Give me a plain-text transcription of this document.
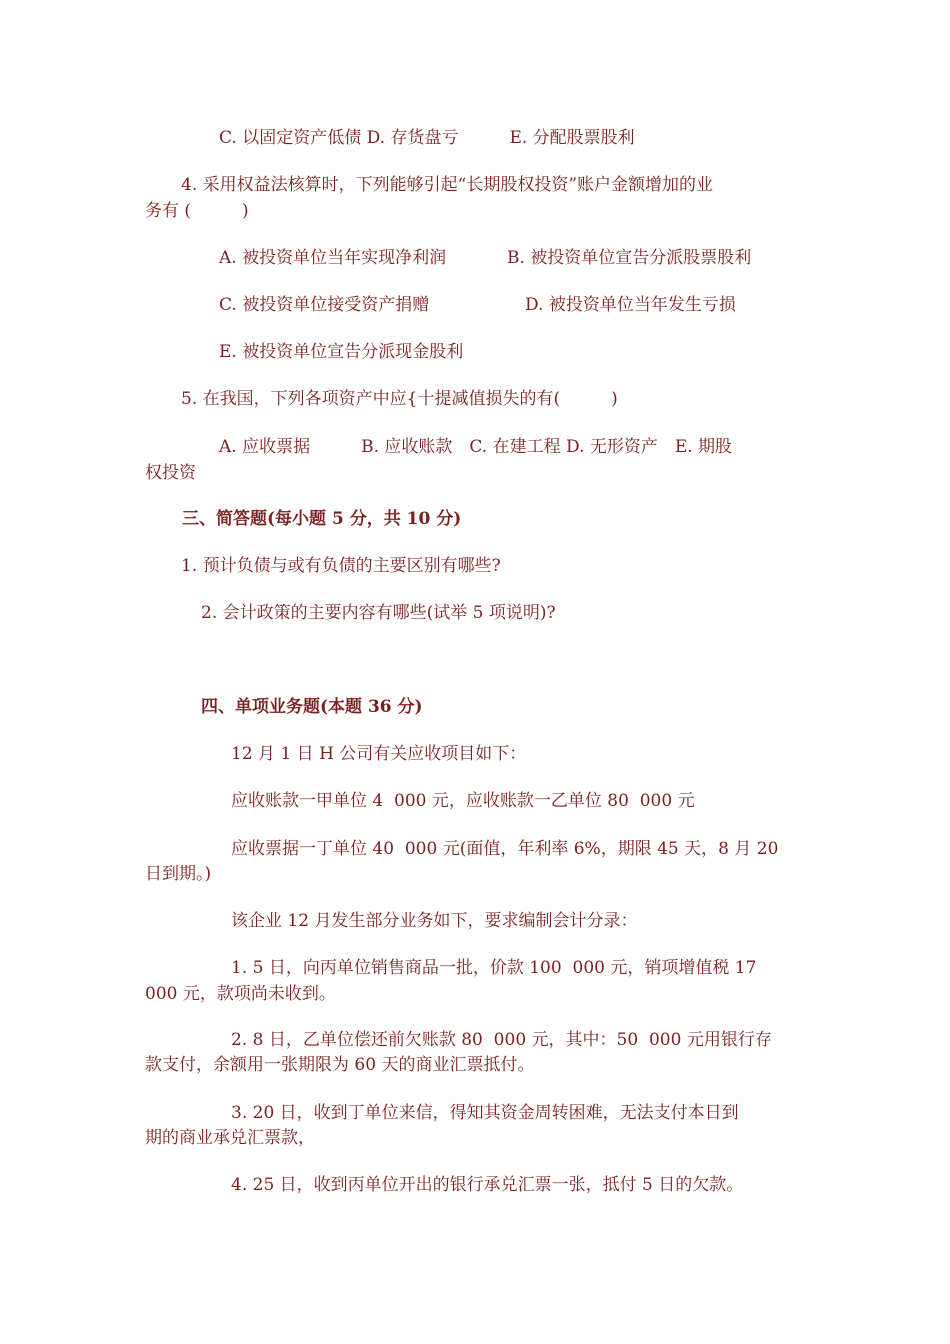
C. 以固定资产低债 D. 存货盘亏　　　E. 分配股票股利
4. 采用权益法核算时，下列能够引起“长期股权投资”账户金额增加的业
务有 (　　　)
A. 被投资单位当年实现净利润	B. 被投资单位宣告分派股票股利
C. 被投资单位接受资产捐赠	D. 被投资单位当年发生亏损
E. 被投资单位宣告分派现金股利
5. 在我国，下列各项资产中应{十提减值损失的有(　　　)
A. 应收票据　　　B. 应收账款　C. 在建工程 D. 无形资产　E. 期股
权投资
三、简答题(每小题 5 分，共 10 分)
1. 预计负债与或有负债的主要区别有哪些?
2. 会计政策的主要内容有哪些(试举 5 项说明)?
四、单项业务题(本题 36 分)
12 月 1 日 H 公司有关应收项目如下：
应收账款一甲单位 4  000 元，应收账款一乙单位 80  000 元
应收票据一丁单位 40  000 元(面值，年利率 6%，期限 45 天，8 月 20
日到期。)
该企业 12 月发生部分业务如下，要求编制会计分录：
1. 5 日，向丙单位销售商品一批，价款 100  000 元，销项增值税 17
000 元，款项尚未收到。
2. 8 日，乙单位偿还前欠账款 80  000 元，其中：50  000 元用银行存
款支付，余额用一张期限为 60 天的商业汇票抵付。
3. 20 日，收到丁单位来信，得知其资金周转困难，无法支付本日到
期的商业承兑汇票款，
4. 25 日，收到丙单位开出的银行承兑汇票一张，抵付 5 日的欠款。
